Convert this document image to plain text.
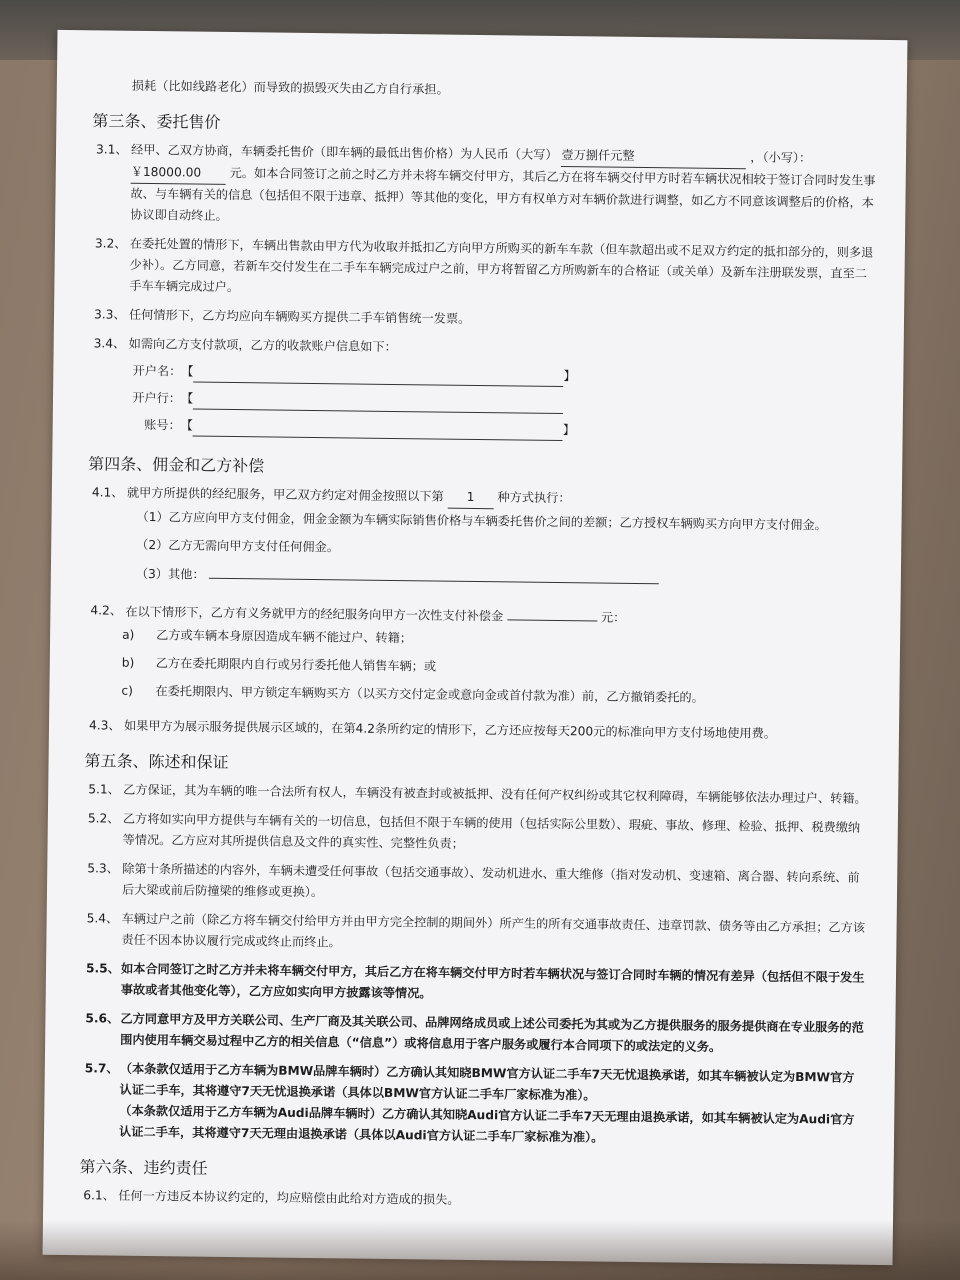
损耗（比如线路老化）而导致的损毁灭失由乙方自行承担。
第三条、委托售价
3.1、 经甲、乙双方协商，车辆委托售价（即车辆的最低出售价格）为人民币（大写） 壹万捌仟元整	，（小写）： ￥18000.00 元。如本合同签订之前之时乙方并未将车辆交付甲方，其后乙方在将车辆交付甲方时若车辆状况相较于签订合同时发生事故、与车辆有关的信息（包括但不限于违章、抵押）等其他的变化，甲方有权单方对车辆价款进行调整，如乙方不同意该调整后的价格，本协议即自动终止。
3.2、 在委托处置的情形下，车辆出售款由甲方代为收取并抵扣乙方向甲方所购买的新车车款（但车款超出或不足双方约定的抵扣部分的，则多退少补）。乙方同意，若新车交付发生在二手车车辆完成过户之前，甲方将暂留乙方所购新车的合格证（或关单）及新车注册联发票，直至二手车车辆完成过户。
3.3、 任何情形下，乙方均应向车辆购买方提供二手车销售统一发票。
3.4、 如需向乙方支付款项，乙方的收款账户信息如下：
开户名： 【	】
开户行： 【
账号： 【	】
第四条、佣金和乙方补偿
4.1、 就甲方所提供的经纪服务，甲乙双方约定对佣金按照以下第 1 种方式执行：
（1）乙方应向甲方支付佣金，佣金金额为车辆实际销售价格与车辆委托售价之间的差额；乙方授权车辆购买方向甲方支付佣金。
（2）乙方无需向甲方支付任何佣金。
（3）其他：
4.2、 在以下情形下，乙方有义务就甲方的经纪服务向甲方一次性支付补偿金	元：
a)	乙方或车辆本身原因造成车辆不能过户、转籍；
b)	乙方在委托期限内自行或另行委托他人销售车辆；或
c)	在委托期限内、甲方锁定车辆购买方（以买方交付定金或意向金或首付款为准）前，乙方撤销委托的。
4.3、 如果甲方为展示服务提供展示区域的，在第4.2条所约定的情形下，乙方还应按每天200元的标准向甲方支付场地使用费。
第五条、陈述和保证
5.1、 乙方保证，其为车辆的唯一合法所有权人，车辆没有被查封或被抵押、没有任何产权纠纷或其它权利障碍，车辆能够依法办理过户、转籍。
5.2、 乙方将如实向甲方提供与车辆有关的一切信息，包括但不限于车辆的使用（包括实际公里数）、瑕疵、事故、修理、检验、抵押、税费缴纳等情况。乙方应对其所提供信息及文件的真实性、完整性负责；
5.3、 除第十条所描述的内容外，车辆未遭受任何事故（包括交通事故）、发动机进水、重大维修（指对发动机、变速箱、离合器、转向系统、前后大梁或前后防撞梁的维修或更换）。
5.4、 车辆过户之前（除乙方将车辆交付给甲方并由甲方完全控制的期间外）所产生的所有交通事故责任、违章罚款、债务等由乙方承担；乙方该责任不因本协议履行完成或终止而终止。
5.5、 如本合同签订之时乙方并未将车辆交付甲方，其后乙方在将车辆交付甲方时若车辆状况与签订合同时车辆的情况有差异（包括但不限于发生事故或者其他变化等），乙方应如实向甲方披露该等情况。
5.6、 乙方同意甲方及甲方关联公司、生产厂商及其关联公司、品牌网络成员或上述公司委托为其或为乙方提供服务的服务提供商在专业服务的范围内使用车辆交易过程中乙方的相关信息（“信息”）或将信息用于客户服务或履行本合同项下的或法定的义务。
5.7、 （本条款仅适用于乙方车辆为BMW品牌车辆时）乙方确认其知晓BMW官方认证二手车7天无忧退换承诺，如其车辆被认定为BMW官方认证二手车，其将遵守7天无忧退换承诺（具体以BMW官方认证二手车厂家标准为准）。
（本条款仅适用于乙方车辆为Audi品牌车辆时）乙方确认其知晓Audi官方认证二手车7天无理由退换承诺，如其车辆被认定为Audi官方认证二手车，其将遵守7天无理由退换承诺（具体以Audi官方认证二手车厂家标准为准）。
第六条、违约责任
6.1、 任何一方违反本协议约定的，均应赔偿由此给对方造成的损失。
